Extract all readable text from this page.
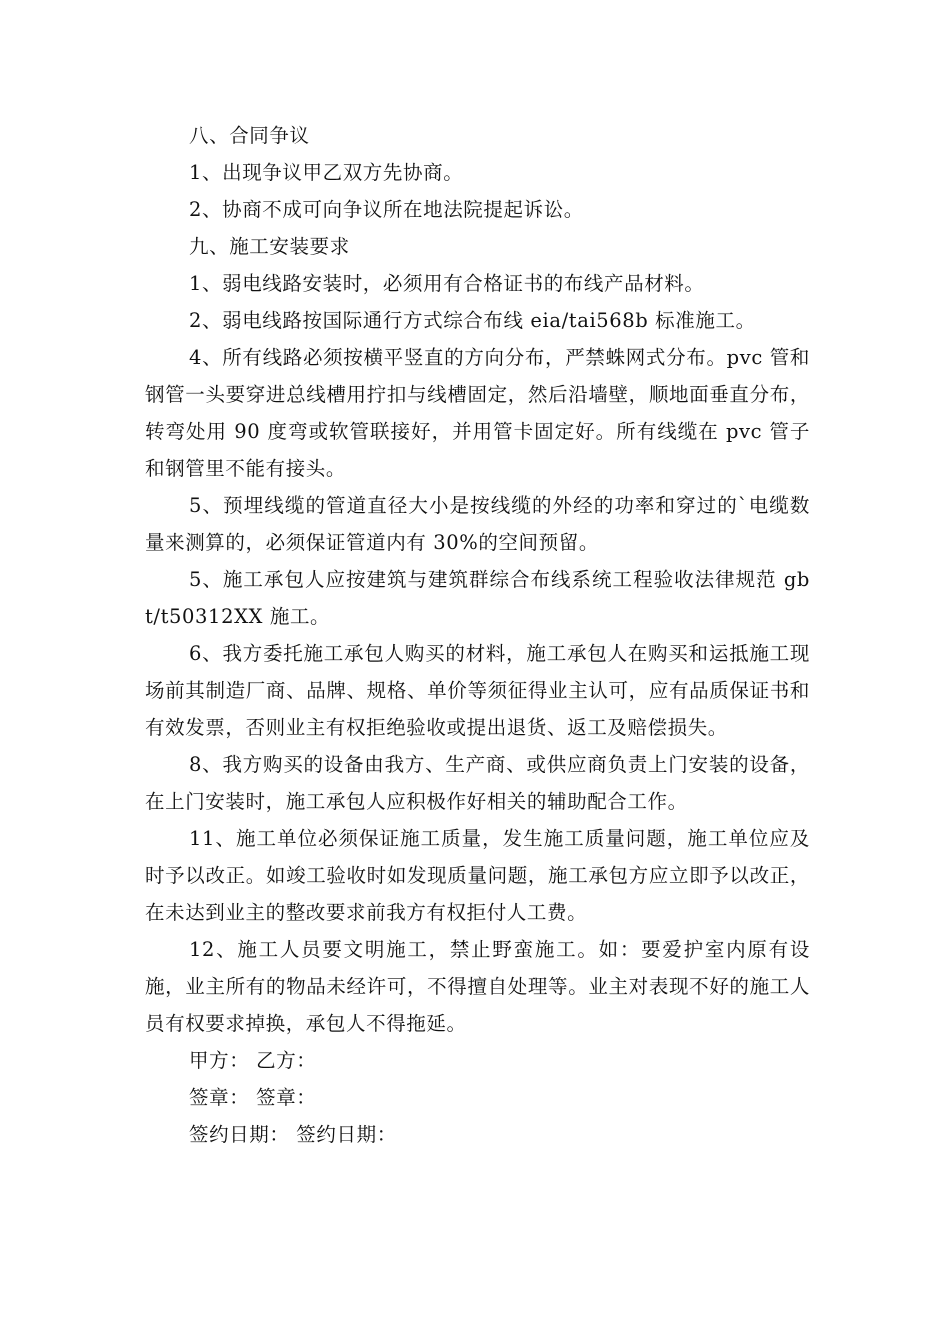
八、合同争议

1、出现争议甲乙双方先协商。

2、协商不成可向争议所在地法院提起诉讼。

九、施工安装要求

1、弱电线路安装时，必须用有合格证书的布线产品材料。

2、弱电线路按国际通行方式综合布线 eia/tai568b 标准施工。

4、所有线路必须按横平竖直的方向分布，严禁蛛网式分布。pvc 管和钢管一头要穿进总线槽用拧扣与线槽固定，然后沿墙壁，顺地面垂直分布，转弯处用 90 度弯或软管联接好，并用管卡固定好。所有线缆在 pvc 管子和钢管里不能有接头。

5、预埋线缆的管道直径大小是按线缆的外经的功率和穿过的`电缆数量来测算的，必须保证管道内有 30%的空间预留。

5、施工承包人应按建筑与建筑群综合布线系统工程验收法律规范 gbt/t50312XX 施工。

6、我方委托施工承包人购买的材料，施工承包人在购买和运抵施工现场前其制造厂商、品牌、规格、单价等须征得业主认可，应有品质保证书和有效发票，否则业主有权拒绝验收或提出退货、返工及赔偿损失。

8、我方购买的设备由我方、生产商、或供应商负责上门安装的设备，在上门安装时，施工承包人应积极作好相关的辅助配合工作。

11、施工单位必须保证施工质量，发生施工质量问题，施工单位应及时予以改正。如竣工验收时如发现质量问题，施工承包方应立即予以改正，在未达到业主的整改要求前我方有权拒付人工费。

12、施工人员要文明施工，禁止野蛮施工。如：要爱护室内原有设施，业主所有的物品未经许可，不得擅自处理等。业主对表现不好的施工人员有权要求掉换，承包人不得拖延。

甲方： 乙方：

签章： 签章：

签约日期： 签约日期：
